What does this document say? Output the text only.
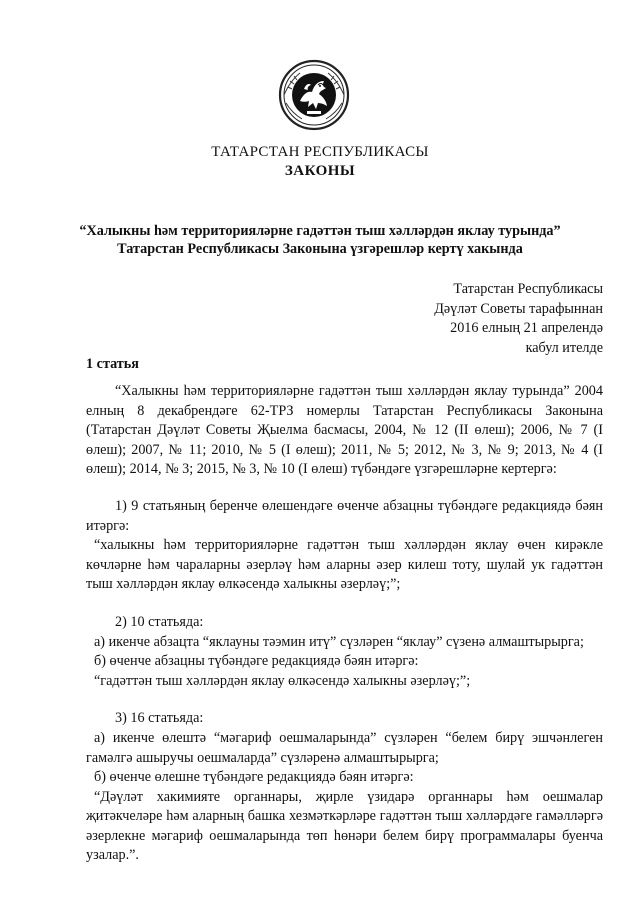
ТАТАРСТАН РЕСПУБЛИКАСЫ
ЗАКОНЫ
“Халыкны һәм территорияләрне гадәттән тыш хәлләрдән яклау турында”
Татарстан Республикасы Законына үзгәрешләр кертү хакында
Татарстан Республикасы
Дәүләт Советы тарафыннан
2016 елның 21 апрелендә
кабул ителде
1 статья

“Халыкны һәм территорияләрне гадәттән тыш хәлләрдән яклау турында” 2004 елның 8 декабрендәге 62-ТРЗ номерлы Татарстан Республикасы Законына (Татарстан Дәүләт Советы Җыелма басмасы, 2004, № 12 (II өлеш); 2006, № 7 (I өлеш); 2007, № 11; 2010, № 5 (I өлеш); 2011, № 5; 2012, № 3, № 9; 2013, № 4 (I өлеш); 2014, № 3; 2015, № 3, № 10 (I өлеш) түбәндәге үзгәрешләрне кертергә:

1) 9 статьяның беренче өлешендәге өченче абзацны түбәндәге редакциядә бәян итәргә:

“халыкны һәм территорияләрне гадәттән тыш хәлләрдән яклау өчен кирәкле көчләрне һәм чараларны әзерләү һәм аларны әзер килеш тоту, шулай ук гадәттән тыш хәлләрдән яклау өлкәсендә халыкны әзерләү;”;

2) 10 статьяда:

а) икенче абзацта “яклауны тәэмин итү” сүзләрен “яклау” сүзенә алмаштырырга;

б) өченче абзацны түбәндәге редакциядә бәян итәргә:

“гадәттән тыш хәлләрдән яклау өлкәсендә халыкны әзерләү;”;

3) 16 статьяда:

а) икенче өлештә “мәгариф оешмаларында” сүзләрен “белем бирү эшчәнлеген гамәлгә ашыручы оешмаларда” сүзләренә алмаштырырга;

б) өченче өлешне түбәндәге редакциядә бәян итәргә:

“Дәүләт хакимияте органнары, җирле үзидарә органнары һәм оешмалар җитәкчеләре һәм аларның башка хезмәткәрләре гадәттән тыш хәлләрдәге гамәлләргә әзерлекне мәгариф оешмаларында төп һөнәри белем бирү программалары буенча узалар.”.
